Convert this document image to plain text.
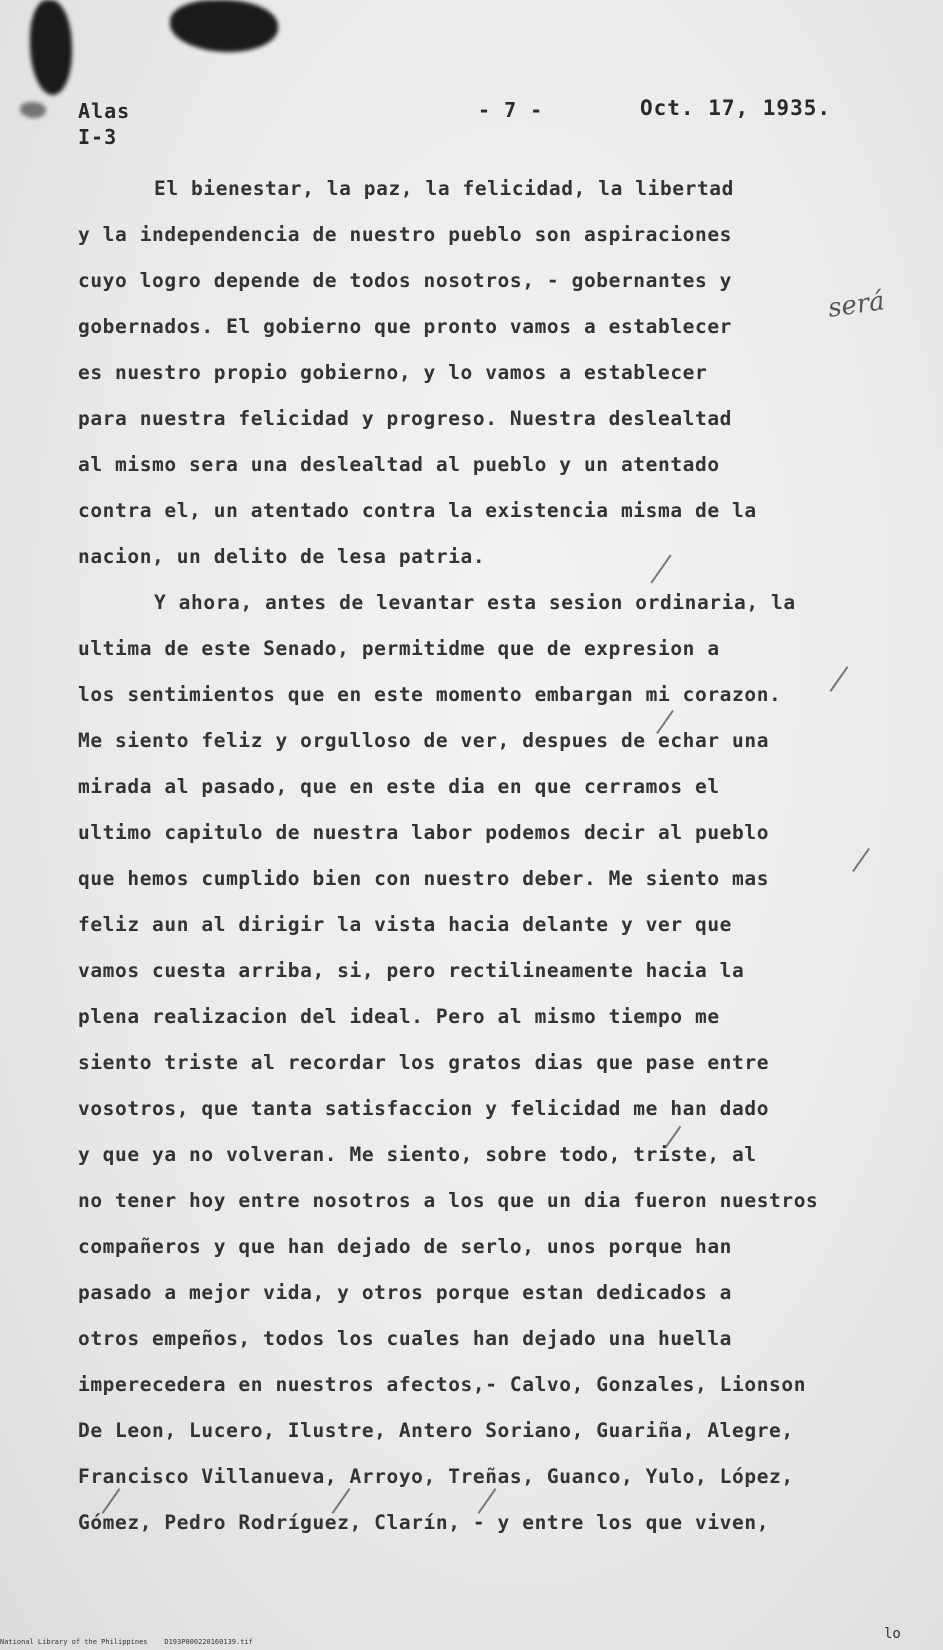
Alas
I-3
- 7 -	Oct. 17, 1935.
será
El bienestar, la paz, la felicidad, la libertad
y la independencia de nuestro pueblo son aspiraciones
cuyo logro depende de todos nosotros, - gobernantes y
gobernados. El gobierno que pronto vamos a establecer
es nuestro propio gobierno, y lo vamos a establecer
para nuestra felicidad y progreso. Nuestra deslealtad
al mismo sera una deslealtad al pueblo y un atentado
contra el, un atentado contra la existencia misma de la
nacion, un delito de lesa patria.
Y ahora, antes de levantar esta sesion ordinaria, la
ultima de este Senado, permitidme que de expresion a
los sentimientos que en este momento embargan mi corazon.
Me siento feliz y orgulloso de ver, despues de echar una
mirada al pasado, que en este dia en que cerramos el
ultimo capitulo de nuestra labor podemos decir al pueblo
que hemos cumplido bien con nuestro deber. Me siento mas
feliz aun al dirigir la vista hacia delante y ver que
vamos cuesta arriba, si, pero rectilineamente hacia la
plena realizacion del ideal. Pero al mismo tiempo me
siento triste al recordar los gratos dias que pase entre
vosotros, que tanta satisfaccion y felicidad me han dado
y que ya no volveran. Me siento, sobre todo, triste, al
no tener hoy entre nosotros a los que un dia fueron nuestros
compañeros y que han dejado de serlo, unos porque han
pasado a mejor vida, y otros porque estan dedicados a
otros empeños, todos los cuales han dejado una huella
imperecedera en nuestros afectos,- Calvo, Gonzales, Lionson
De Leon, Lucero, Ilustre, Antero Soriano, Guariña, Alegre,
Francisco Villanueva, Arroyo, Treñas, Guanco, Yulo, López,
Gómez, Pedro Rodríguez, Clarín, - y entre los que viven,
lo
National Library of the Philippines    D193P000220160139.tif
